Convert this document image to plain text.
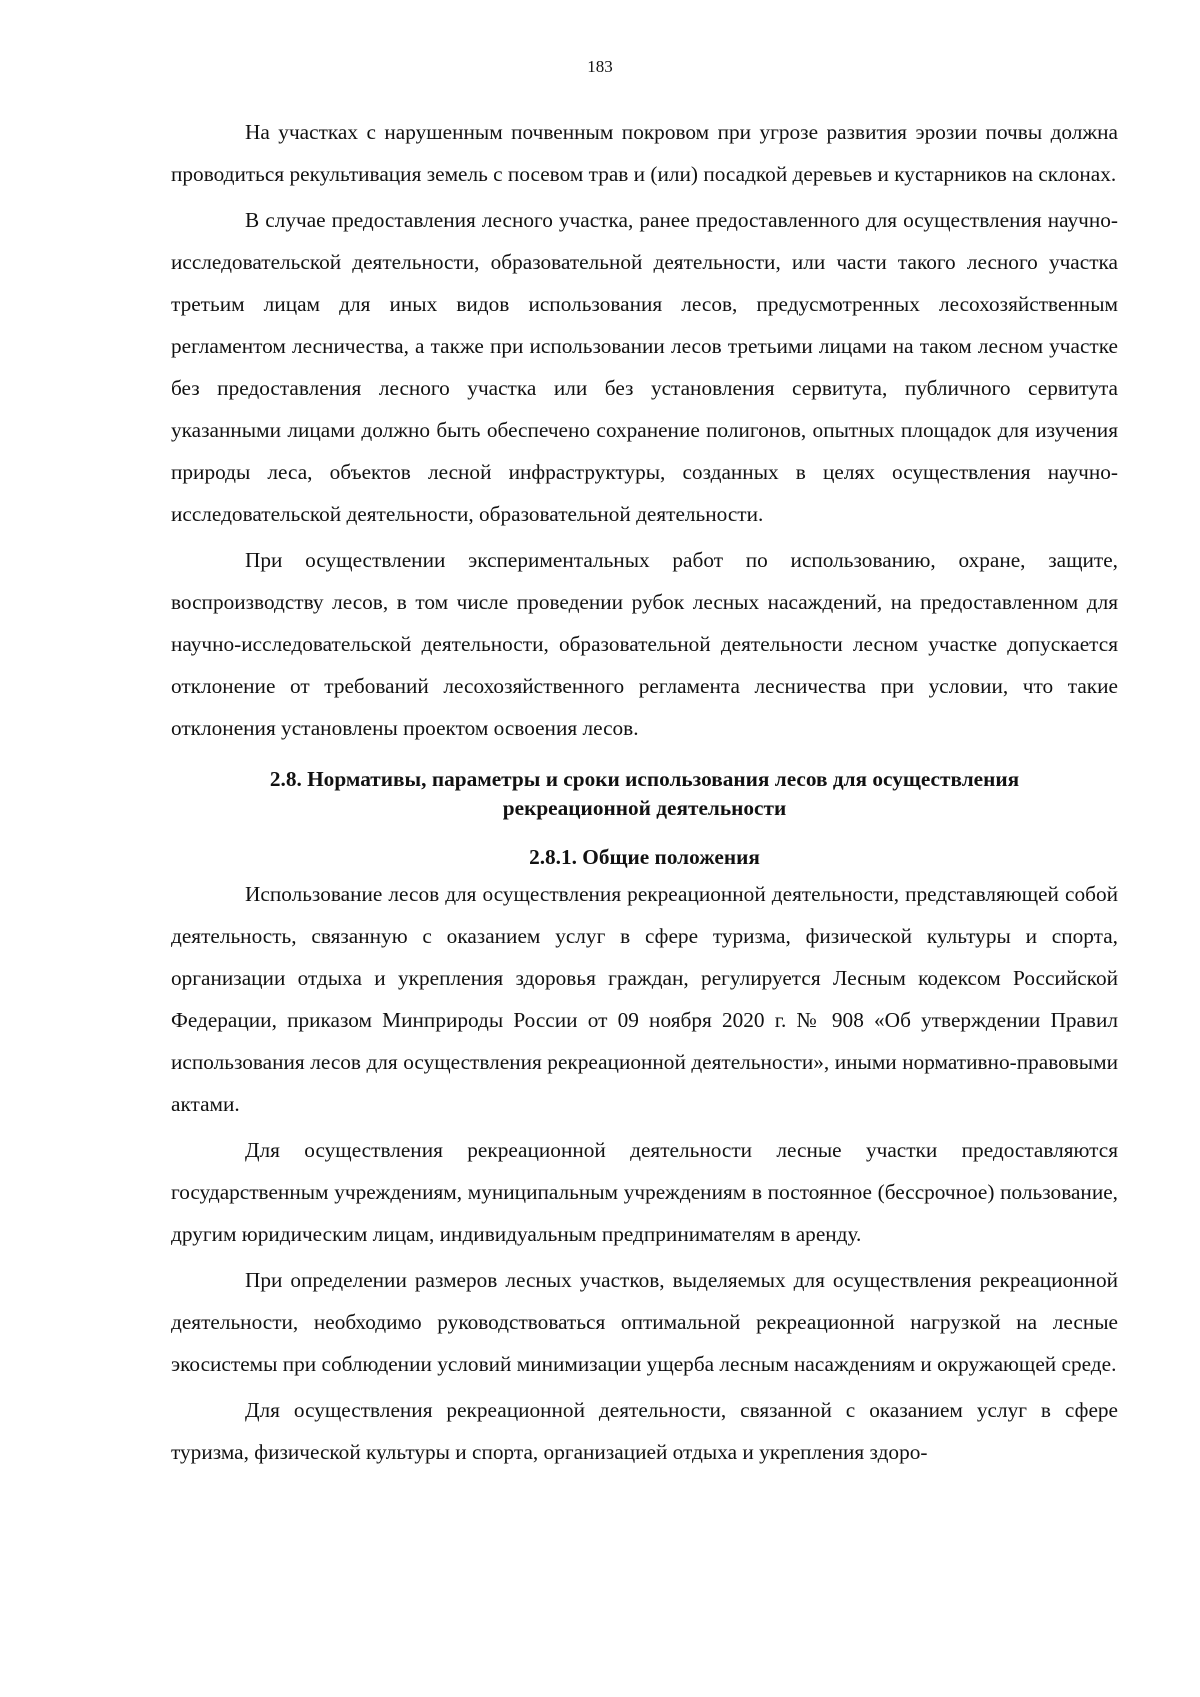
183

На участках с нарушенным почвенным покровом при угрозе развития эрозии почвы должна проводиться рекультивация земель с посевом трав и (или) посадкой деревьев и кустарников на склонах.

В случае предоставления лесного участка, ранее предоставленного для осуществления научно-исследовательской деятельности, образовательной деятельности, или части такого лесного участка третьим лицам для иных видов использования лесов, предусмотренных лесохозяйственным регламентом лесничества, а также при использовании лесов третьими лицами на таком лесном участке без предоставления лесного участка или без установления сервитута, публичного сервитута указанными лицами должно быть обеспечено сохранение полигонов, опытных площадок для изучения природы леса, объектов лесной инфраструктуры, созданных в целях осуществления научно-исследовательской деятельности, образовательной деятельности.

При осуществлении экспериментальных работ по использованию, охране, защите, воспроизводству лесов, в том числе проведении рубок лесных насаждений, на предоставленном для научно-исследовательской деятельности, образовательной деятельности лесном участке допускается отклонение от требований лесохозяйственного регламента лесничества при условии, что такие отклонения установлены проектом освоения лесов.

2.8. Нормативы, параметры и сроки использования лесов для осуществления
рекреационной деятельности
2.8.1. Общие положения

Использование лесов для осуществления рекреационной деятельности, представляющей собой деятельность, связанную с оказанием услуг в сфере туризма, физической культуры и спорта, организации отдыха и укрепления здоровья граждан, регулируется Лесным кодексом Российской Федерации, приказом Минприроды России от 09 ноября 2020 г. № 908 «Об утверждении Правил использования лесов для осуществления рекреационной деятельности», иными нормативно-правовыми актами.

Для осуществления рекреационной деятельности лесные участки предоставляются государственным учреждениям, муниципальным учреждениям в постоянное (бессрочное) пользование, другим юридическим лицам, индивидуальным предпринимателям в аренду.

При определении размеров лесных участков, выделяемых для осуществления рекреационной деятельности, необходимо руководствоваться оптимальной рекреационной нагрузкой на лесные экосистемы при соблюдении условий минимизации ущерба лесным насаждениям и окружающей среде.

Для осуществления рекреационной деятельности, связанной с оказанием услуг в сфере туризма, физической культуры и спорта, организацией отдыха и укрепления здоро-
